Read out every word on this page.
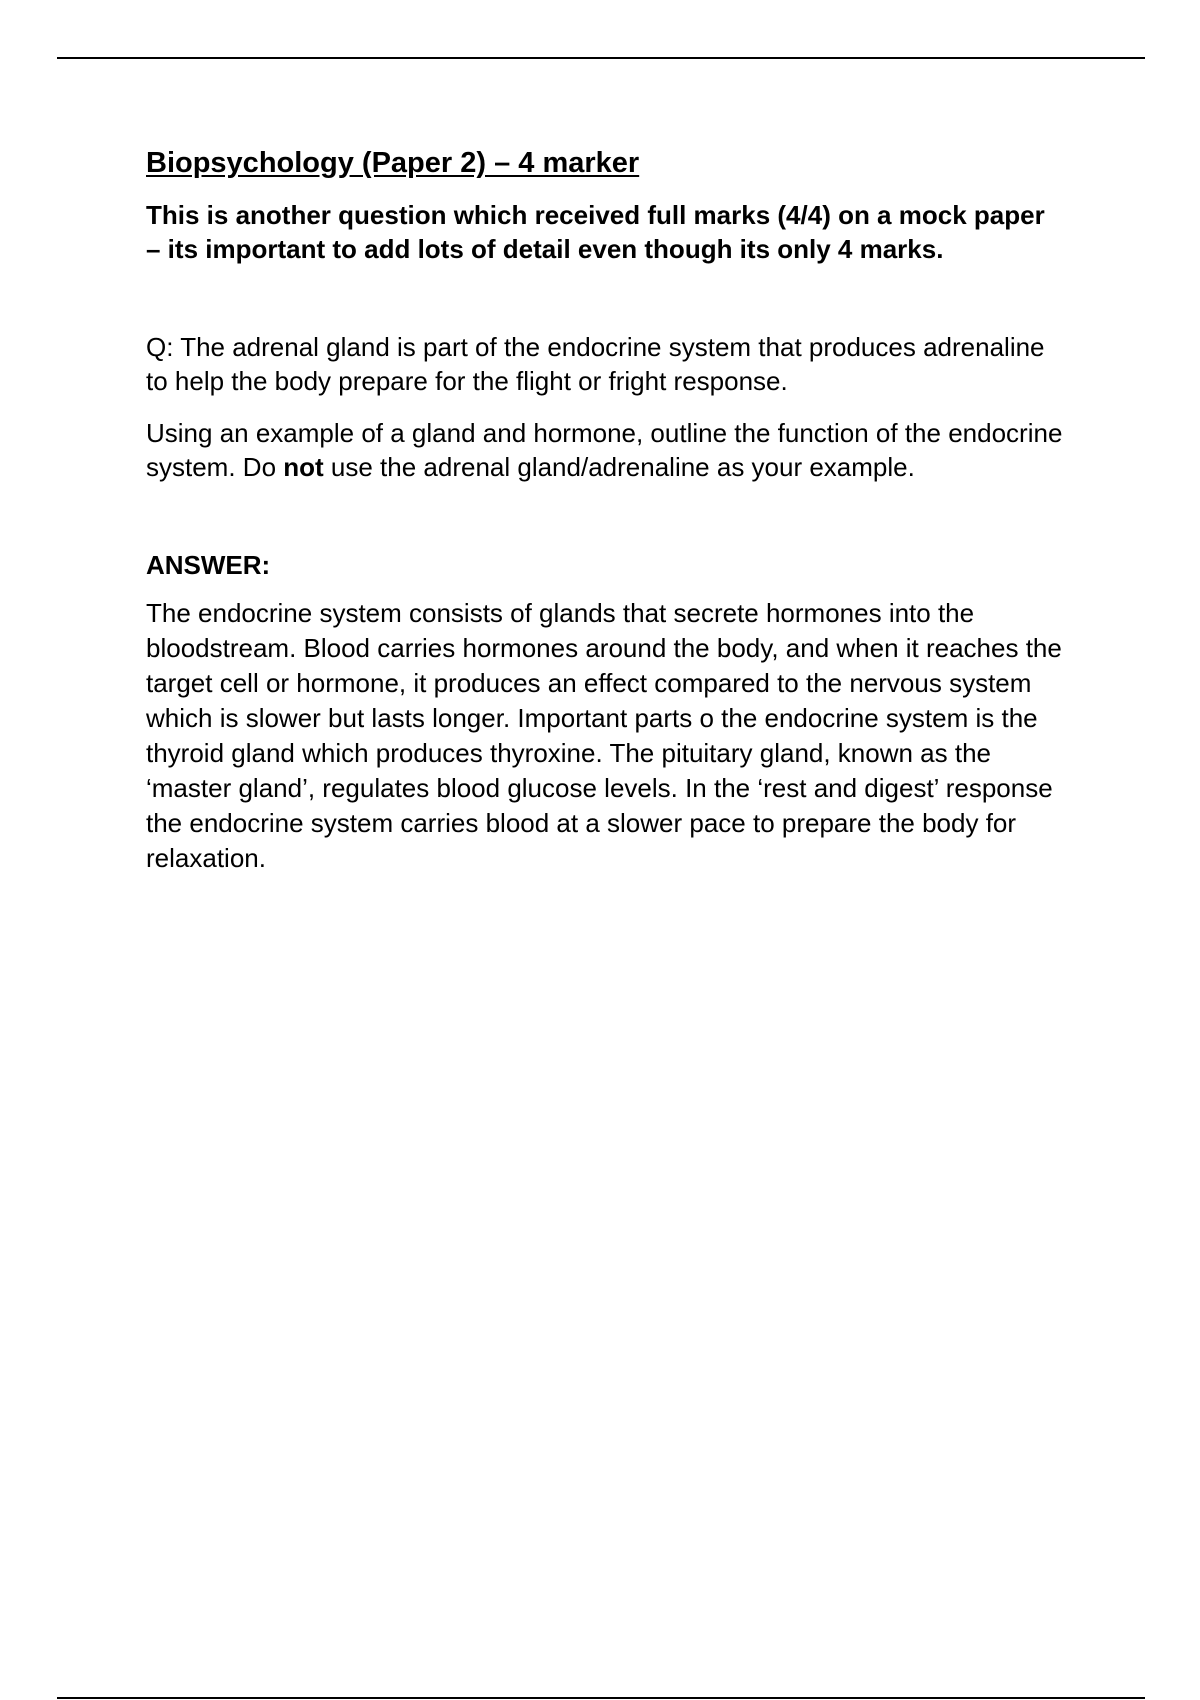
Biopsychology (Paper 2) – 4 marker

This is another question which received full marks (4/4) on a mock paper – its important to add lots of detail even though its only 4 marks.

Q: The adrenal gland is part of the endocrine system that produces adrenaline to help the body prepare for the flight or fright response.

Using an example of a gland and hormone, outline the function of the endocrine system. Do not use the adrenal gland/adrenaline as your example.

ANSWER:

The endocrine system consists of glands that secrete hormones into the bloodstream. Blood carries hormones around the body, and when it reaches the target cell or hormone, it produces an effect compared to the nervous system which is slower but lasts longer. Important parts o the endocrine system is the thyroid gland which produces thyroxine. The pituitary gland, known as the ‘master gland’, regulates blood glucose levels. In the ‘rest and digest’ response the endocrine system carries blood at a slower pace to prepare the body for relaxation.
